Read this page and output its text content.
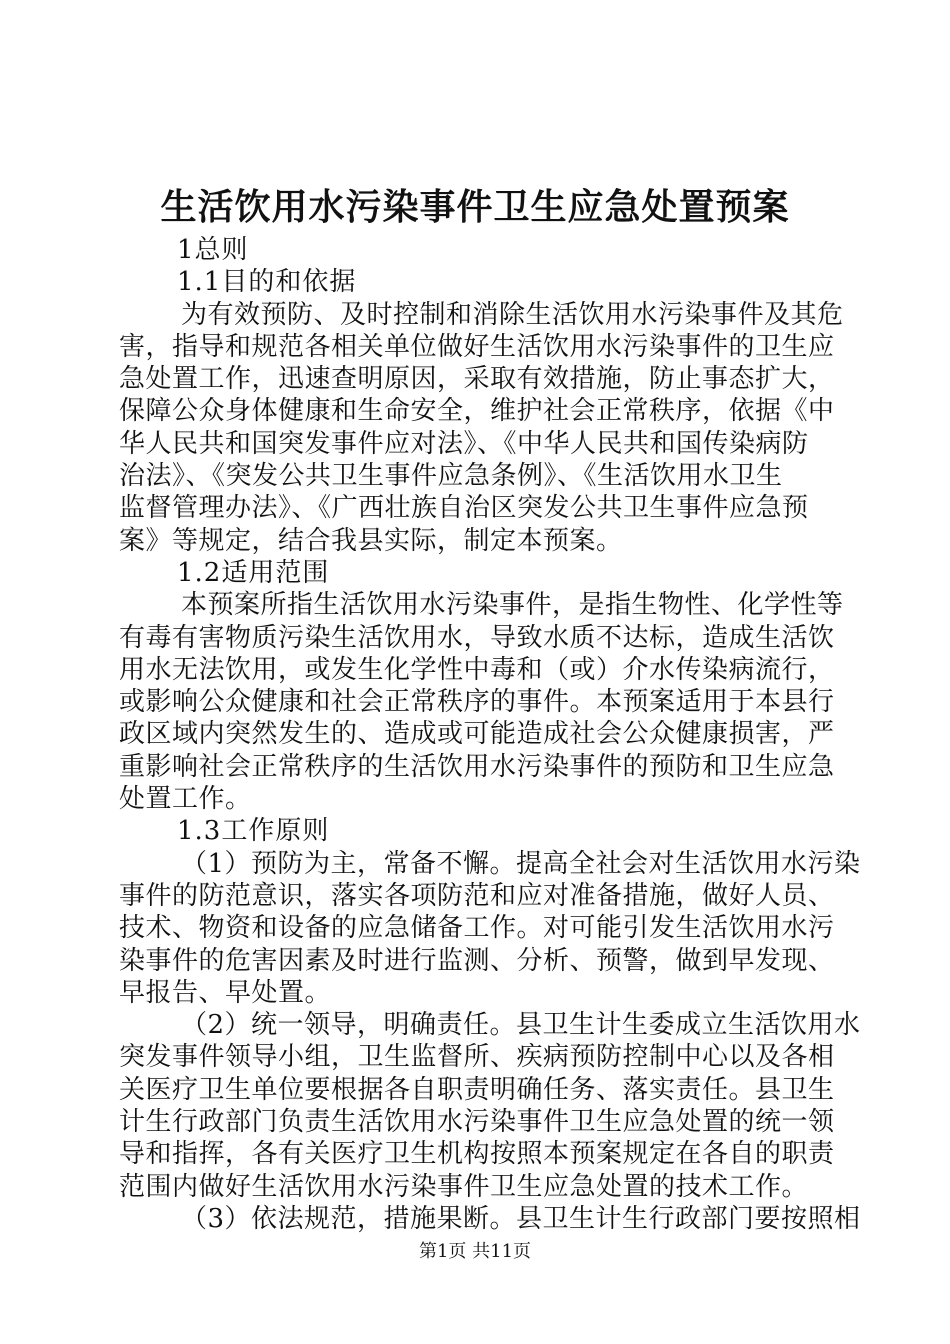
生活饮用水污染事件卫生应急处置预案
1总则
1.1目的和依据
为有效预防、及时控制和消除生活饮用水污染事件及其危
害，指导和规范各相关单位做好生活饮用水污染事件的卫生应
急处置工作，迅速查明原因，采取有效措施，防止事态扩大，
保障公众身体健康和生命安全，维护社会正常秩序，依据《中
华人民共和国突发事件应对法》、《中华人民共和国传染病防
治法》、《突发公共卫生事件应急条例》、《生活饮用水卫生
监督管理办法》、《广西壮族自治区突发公共卫生事件应急预
案》等规定，结合我县实际，制定本预案。
1.2适用范围
本预案所指生活饮用水污染事件，是指生物性、化学性等
有毒有害物质污染生活饮用水，导致水质不达标，造成生活饮
用水无法饮用，或发生化学性中毒和（或）介水传染病流行，
或影响公众健康和社会正常秩序的事件。本预案适用于本县行
政区域内突然发生的、造成或可能造成社会公众健康损害，严
重影响社会正常秩序的生活饮用水污染事件的预防和卫生应急
处置工作。
1.3工作原则
（1）预防为主，常备不懈。提高全社会对生活饮用水污染
事件的防范意识，落实各项防范和应对准备措施，做好人员、
技术、物资和设备的应急储备工作。对可能引发生活饮用水污
染事件的危害因素及时进行监测、分析、预警，做到早发现、
早报告、早处置。
（2）统一领导，明确责任。县卫生计生委成立生活饮用水
突发事件领导小组，卫生监督所、疾病预防控制中心以及各相
关医疗卫生单位要根据各自职责明确任务、落实责任。县卫生
计生行政部门负责生活饮用水污染事件卫生应急处置的统一领
导和指挥，各有关医疗卫生机构按照本预案规定在各自的职责
范围内做好生活饮用水污染事件卫生应急处置的技术工作。
（3）依法规范，措施果断。县卫生计生行政部门要按照相
第1页 共11页
